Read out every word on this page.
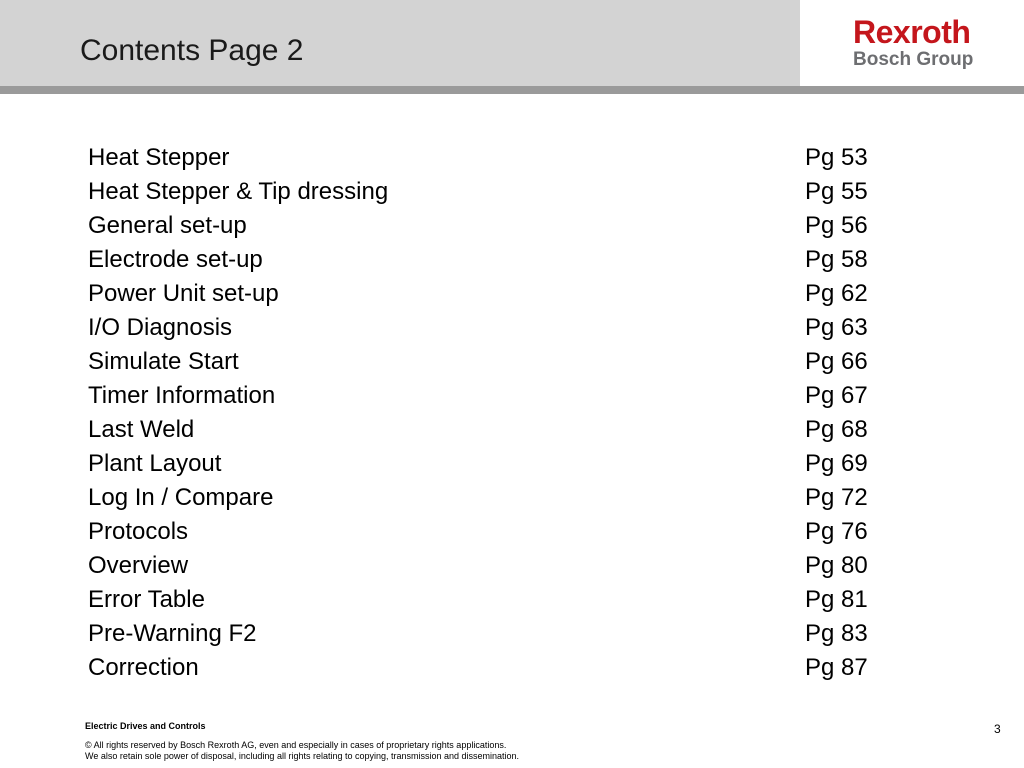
Contents Page 2
Rexroth
Bosch Group
Heat Stepper	Pg 53
Heat Stepper & Tip dressing	Pg 55
General set-up	Pg 56
Electrode set-up	Pg 58
Power Unit set-up	Pg 62
I/O Diagnosis	Pg 63
Simulate Start	Pg 66
Timer Information	Pg 67
Last Weld	Pg 68
Plant Layout	Pg 69
Log In / Compare	Pg 72
Protocols	Pg 76
Overview	Pg 80
Error Table	Pg 81
Pre-Warning F2	Pg 83
Correction	Pg 87
Electric Drives and Controls
© All rights reserved by Bosch Rexroth AG, even and especially in cases of proprietary rights applications.
We also retain sole power of disposal, including all rights relating to copying, transmission and dissemination.
3
